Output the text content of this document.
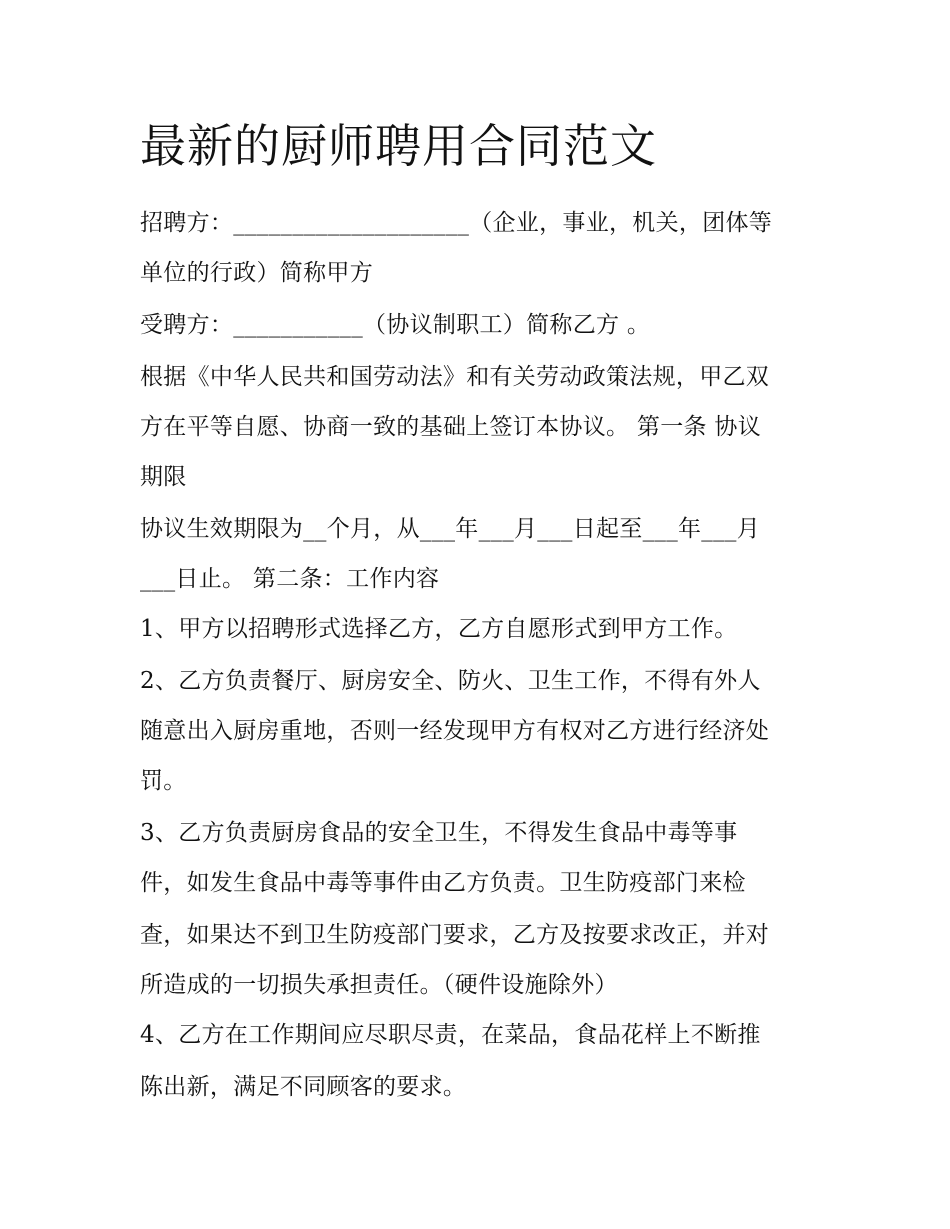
最新的厨师聘用合同范文
招聘方：____________________（企业，事业，机关，团体等
单位的行政）简称甲方
受聘方：___________（协议制职工）简称乙方 。
根据《中华人民共和国劳动法》和有关劳动政策法规，甲乙双
方在平等自愿、协商一致的基础上签订本协议。 第一条 协议
期限
协议生效期限为__个月，从___年___月___日起至___年___月
___日止。 第二条：工作内容
1、甲方以招聘形式选择乙方，乙方自愿形式到甲方工作。
2、乙方负责餐厅、厨房安全、防火、卫生工作，不得有外人
随意出入厨房重地，否则一经发现甲方有权对乙方进行经济处
罚。
3、乙方负责厨房食品的安全卫生，不得发生食品中毒等事
件，如发生食品中毒等事件由乙方负责。卫生防疫部门来检
查，如果达不到卫生防疫部门要求，乙方及按要求改正，并对
所造成的一切损失承担责任。（硬件设施除外）
4、乙方在工作期间应尽职尽责，在菜品，食品花样上不断推
陈出新，满足不同顾客的要求。
